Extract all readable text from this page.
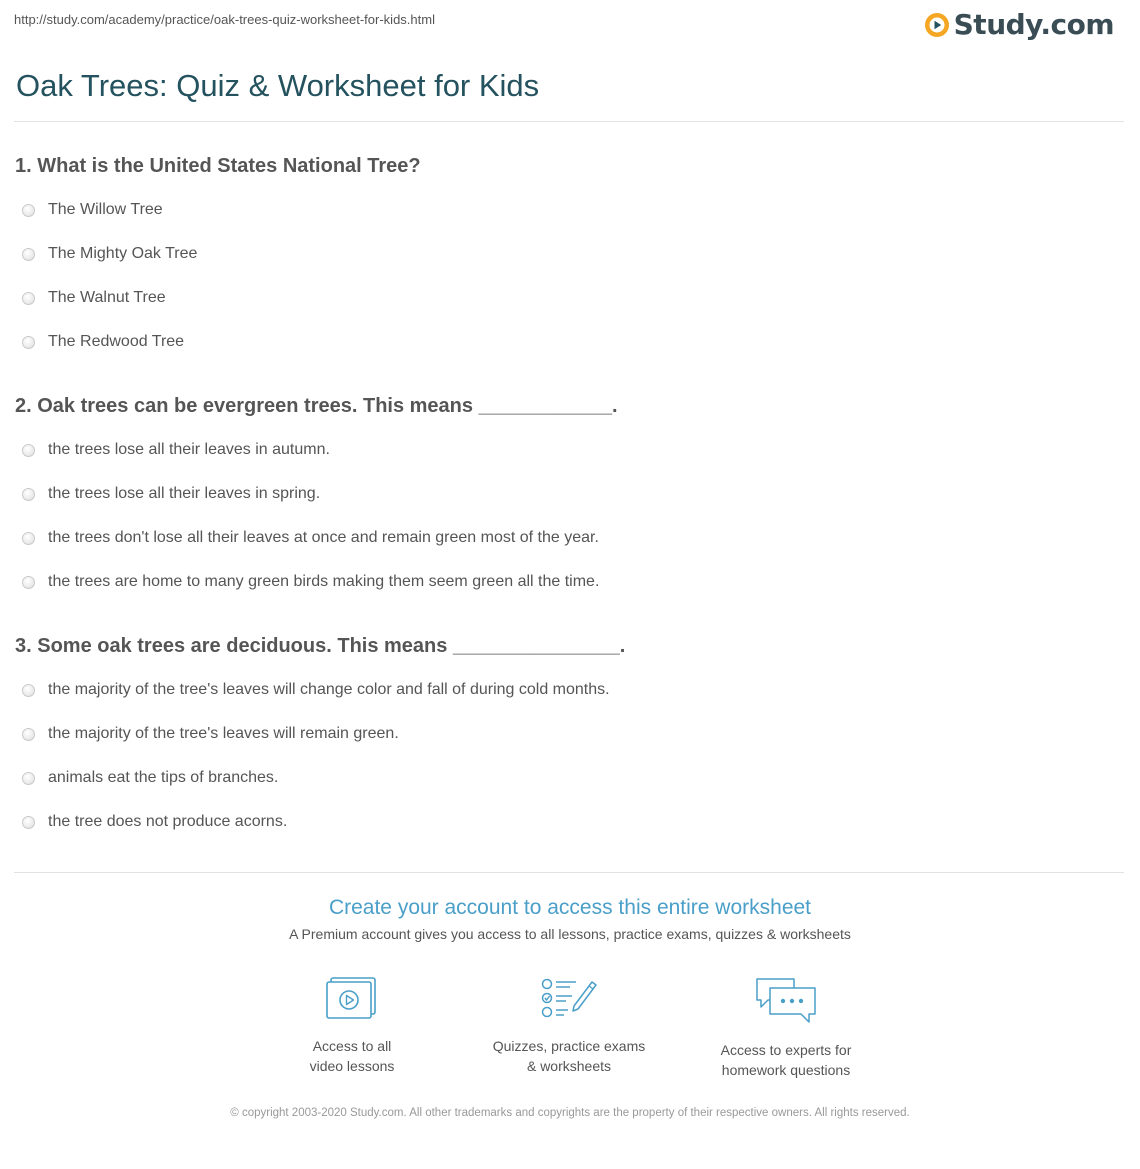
http://study.com/academy/practice/oak-trees-quiz-worksheet-for-kids.html	Study.com
Oak Trees: Quiz & Worksheet for Kids
1. What is the United States National Tree?
The Willow Tree
The Mighty Oak Tree
The Walnut Tree
The Redwood Tree
2. Oak trees can be evergreen trees. This means ____________.
the trees lose all their leaves in autumn.
the trees lose all their leaves in spring.
the trees don't lose all their leaves at once and remain green most of the year.
the trees are home to many green birds making them seem green all the time.
3. Some oak trees are deciduous. This means _______________.
the majority of the tree's leaves will change color and fall of during cold months.
the majority of the tree's leaves will remain green.
animals eat the tips of branches.
the tree does not produce acorns.
Create your account to access this entire worksheet
A Premium account gives you access to all lessons, practice exams, quizzes & worksheets
Access to all
video lessons
Quizzes, practice exams
& worksheets
Access to experts for
homework questions
© copyright 2003-2020 Study.com. All other trademarks and copyrights are the property of their respective owners. All rights reserved.
